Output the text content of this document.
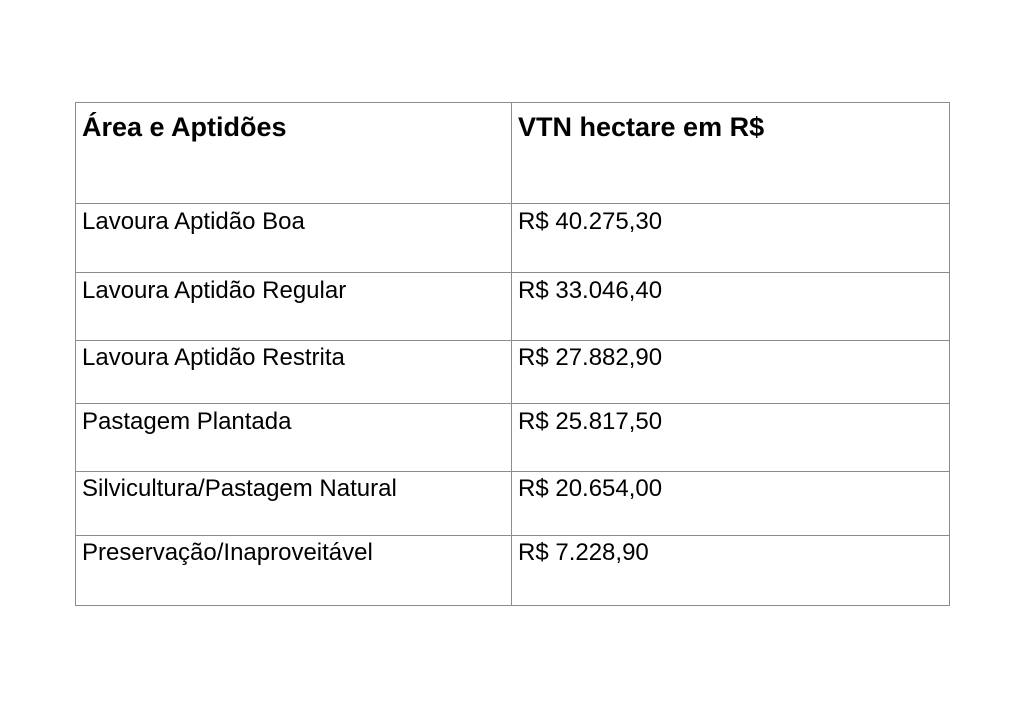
Área e Aptidões	VTN hectare em R$
Lavoura Aptidão Boa	R$ 40.275,30
Lavoura Aptidão Regular	R$ 33.046,40
Lavoura Aptidão Restrita	R$ 27.882,90
Pastagem Plantada	R$ 25.817,50
Silvicultura/Pastagem Natural	R$ 20.654,00
Preservação/Inaproveitável	R$ 7.228,90
